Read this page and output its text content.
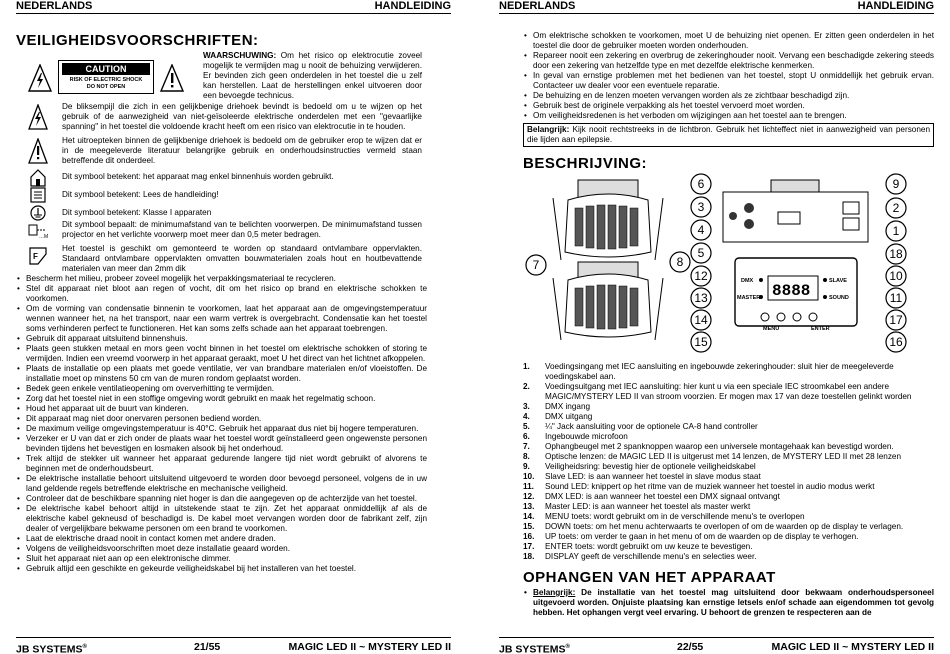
NEDERLANDS	HANDLEIDING
VEILIGHEIDSVOORSCHRIFTEN:
CAUTION
RISK OF ELECTRIC SHOCK
DO NOT OPEN

WAARSCHUWING: Om het risico op elektrocutie zoveel mogelijk te vermijden mag u nooit de behuizing verwijderen. Er bevinden zich geen onderdelen in het toestel die u zelf kan herstellen. Laat de herstellingen enkel uitvoeren door een bevoegde technicus.

De bliksempijl die zich in een gelijkbenige driehoek bevindt is bedoeld om u te wijzen op het gebruik of de aanwezigheid van niet-geïsoleerde elektrische onderdelen met een "gevaarlijke spanning" in het toestel die voldoende kracht heeft om een risico van elektrocutie in te houden.
Het uitroepteken binnen de gelijkbenige driehoek is bedoeld om de gebruiker erop te wijzen dat er in de meegeleverde literatuur belangrijke gebruik en onderhoudsinstructies vermeld staan betreffende dit onderdeel.
Dit symbool betekent: het apparaat mag enkel binnenhuis worden gebruikt.
Dit symbool betekent: Lees de handleiding!
Dit symbool betekent: Klasse I apparaten
…M
Dit symbool bepaalt: de minimumafstand van te belichten voorwerpen. De minimumafstand tussen projector en het verlichte voorwerp moet meer dan 0,5 meter bedragen.
F
Het toestel is geschikt om gemonteerd te worden op standaard ontvlambare oppervlakten. Standaard ontvlambare oppervlakten omvatten bouwmaterialen zoals hout en houtbevattende materialen van meer dan 2mm dik
• Bescherm het milieu, probeer zoveel mogelijk het verpakkingsmateriaal te recycleren.
• Stel dit apparaat niet bloot aan regen of vocht, dit om het risico op brand en elektrische schokken te voorkomen.
• Om de vorming van condensatie binnenin te voorkomen, laat het apparaat aan de omgevingstemperatuur wennen wanneer het, na het transport, naar een warm vertrek is overgebracht. Condensatie kan het toestel soms verhinderen perfect te functioneren. Het kan soms zelfs schade aan het apparaat toebrengen.
• Gebruik dit apparaat uitsluitend binnenshuis.
• Plaats geen stukken metaal en mors geen vocht binnen in het toestel om elektrische schokken of storing te vermijden. Indien een vreemd voorwerp in het apparaat geraakt, moet U het direct van het lichtnet afkoppelen.
• Plaats de installatie op een plaats met goede ventilatie, ver van brandbare materialen en/of vloeistoffen. De installatie moet op minstens 50 cm van de muren rondom geplaatst worden.
• Bedek geen enkele ventilatieopening om oververhitting te vermijden.
• Zorg dat het toestel niet in een stoffige omgeving wordt gebruikt en maak het regelmatig schoon.
• Houd het apparaat uit de buurt van kinderen.
• Dit apparaat mag niet door onervaren personen bediend worden.
• De maximum veilige omgevingstemperatuur is 40°C. Gebruik het apparaat dus niet bij hogere temperaturen.
• Verzeker er U van dat er zich onder de plaats waar het toestel wordt geïnstalleerd geen ongewenste personen bevinden tijdens het bevestigen en losmaken alsook bij het onderhoud.
• Trek altijd de stekker uit wanneer het apparaat gedurende langere tijd niet wordt gebruikt of alvorens te beginnen met de onderhoudsbeurt.
• De elektrische installatie behoort uitsluitend uitgevoerd te worden door bevoegd personeel, volgens de in uw land geldende regels betreffende elektrische en mechanische veiligheid.
• Controleer dat de beschikbare spanning niet hoger is dan die aangegeven op de achterzijde van het toestel.
• De elektrische kabel behoort altijd in uitstekende staat te zijn. Zet het apparaat onmiddellijk af als de elektrische kabel gekneusd of beschadigd is. De kabel moet vervangen worden door de fabrikant zelf, zijn dealer of vergelijkbare bekwame personen om een brand te voorkomen.
• Laat de elektrische draad nooit in contact komen met andere draden.
• Volgens de veiligheidsvoorschriften moet deze installatie geaard worden.
• Sluit het apparaat niet aan op een elektronische dimmer.
• Gebruik altijd een geschikte en gekeurde veiligheidskabel bij het installeren van het toestel.
JB SYSTEMS®	21/55	MAGIC LED II ~ MYSTERY LED II
NEDERLANDS	HANDLEIDING
• Om elektrische schokken te voorkomen, moet U de behuizing niet openen. Er zitten geen onderdelen in het toestel die door de gebruiker moeten worden onderhouden.
• Repareer nooit een zekering en overbrug de zekeringhouder nooit. Vervang een beschadigde zekering steeds door een zekering van hetzelfde type en met dezelfde elektrische kenmerken.
• In geval van ernstige problemen met het bedienen van het toestel, stopt U onmiddellijk het gebruik ervan. Contacteer uw dealer voor een eventuele reparatie.
• De behuizing en de lenzen moeten vervangen worden als ze zichtbaar beschadigd zijn.
• Gebruik best de originele verpakking als het toestel vervoerd moet worden.
• Om veiligheidsredenen is het verboden om wijzigingen aan het toestel aan te brengen.
Belangrijk: Kijk nooit rechtstreeks in de lichtbron. Gebruik het lichteffect niet in aanwezigheid van personen die lijden aan epilepsie.
BESCHRIJVING:
DMX
MASTER
SLAVE
SOUND
MENU	ENTER
8888
6
3
4
5
7	8
12
13
14
15
9
2
1
18
10
11
17
16
1. Voedingsingang met IEC aansluiting en ingebouwde zekeringhouder: sluit hier de meegeleverde voedingskabel aan.
2. Voedingsuitgang met IEC aansluiting: hier kunt u via een speciale IEC stroomkabel een andere MAGIC/MYSTERY LED II van stroom voorzien. Er mogen max 17 van deze toestellen gelinkt worden
3. DMX ingang
4. DMX uitgang
5. ¼" Jack aansluiting voor de optionele CA-8 hand controller
6. Ingebouwde microfoon
7. Ophangbeugel met 2 spanknoppen waarop een universele montagehaak kan bevestigd worden.
8. Optische lenzen: de MAGIC LED II is uitgerust met 14 lenzen, de MYSTERY LED II met 28 lenzen
9. Veiligheidsring: bevestig hier de optionele veiligheidskabel
10. Slave LED: is aan wanneer het toestel in slave modus staat
11. Sound LED: knippert op het ritme van de muziek wanneer het toestel in audio modus werkt
12. DMX LED: is aan wanneer het toestel een DMX signaal ontvangt
13. Master LED: is aan wanneer het toestel als master werkt
14. MENU toets: wordt gebruikt om in de verschillende menu's te overlopen
15. DOWN toets: om het menu achterwaarts te overlopen of om de waarden op de display te verlagen.
16. UP toets: om verder te gaan in het menu of om de waarden op de display te verhogen.
17. ENTER toets: wordt gebruikt om uw keuze te bevestigen.
18. DISPLAY geeft de verschillende menu's en selecties weer.
OPHANGEN VAN HET APPARAAT
• Belangrijk: De installatie van het toestel mag uitsluitend door bekwaam onderhoudspersoneel uitgevoerd worden. Onjuiste plaatsing kan ernstige letsels en/of schade aan eigendommen tot gevolg hebben. Het ophangen vergt veel ervaring. U behoort de grenzen te respecteren aan de
JB SYSTEMS®	22/55	MAGIC LED II ~ MYSTERY LED II
